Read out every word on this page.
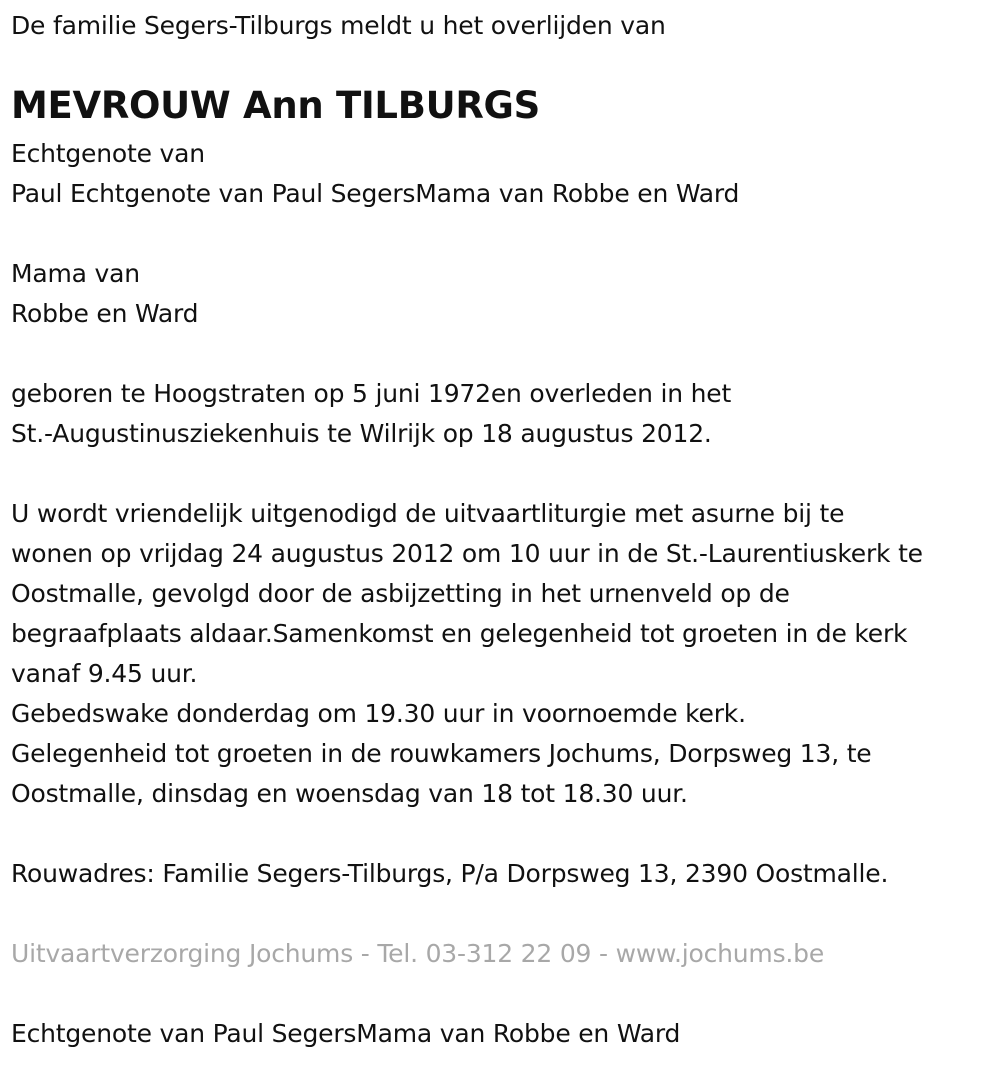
De familie Segers-Tilburgs meldt u het overlijden van

MEVROUW Ann TILBURGS

Echtgenote van

Paul Echtgenote van Paul SegersMama van Robbe en Ward

Mama van

Robbe en Ward

geboren te Hoogstraten op 5 juni 1972en overleden in het

St.-Augustinusziekenhuis te Wilrijk op 18 augustus 2012.

U wordt vriendelijk uitgenodigd de uitvaartliturgie met asurne bij te

wonen op vrijdag 24 augustus 2012 om 10 uur in de St.-Laurentiuskerk te

Oostmalle, gevolgd door de asbijzetting in het urnenveld op de

begraafplaats aldaar.Samenkomst en gelegenheid tot groeten in de kerk

vanaf 9.45 uur.

Gebedswake donderdag om 19.30 uur in voornoemde kerk.

Gelegenheid tot groeten in de rouwkamers Jochums, Dorpsweg 13, te

Oostmalle, dinsdag en woensdag van 18 tot 18.30 uur.

Rouwadres: Familie Segers-Tilburgs, P/a Dorpsweg 13, 2390 Oostmalle.

Uitvaartverzorging Jochums - Tel. 03-312 22 09 - www.jochums.be

Echtgenote van Paul SegersMama van Robbe en Ward
